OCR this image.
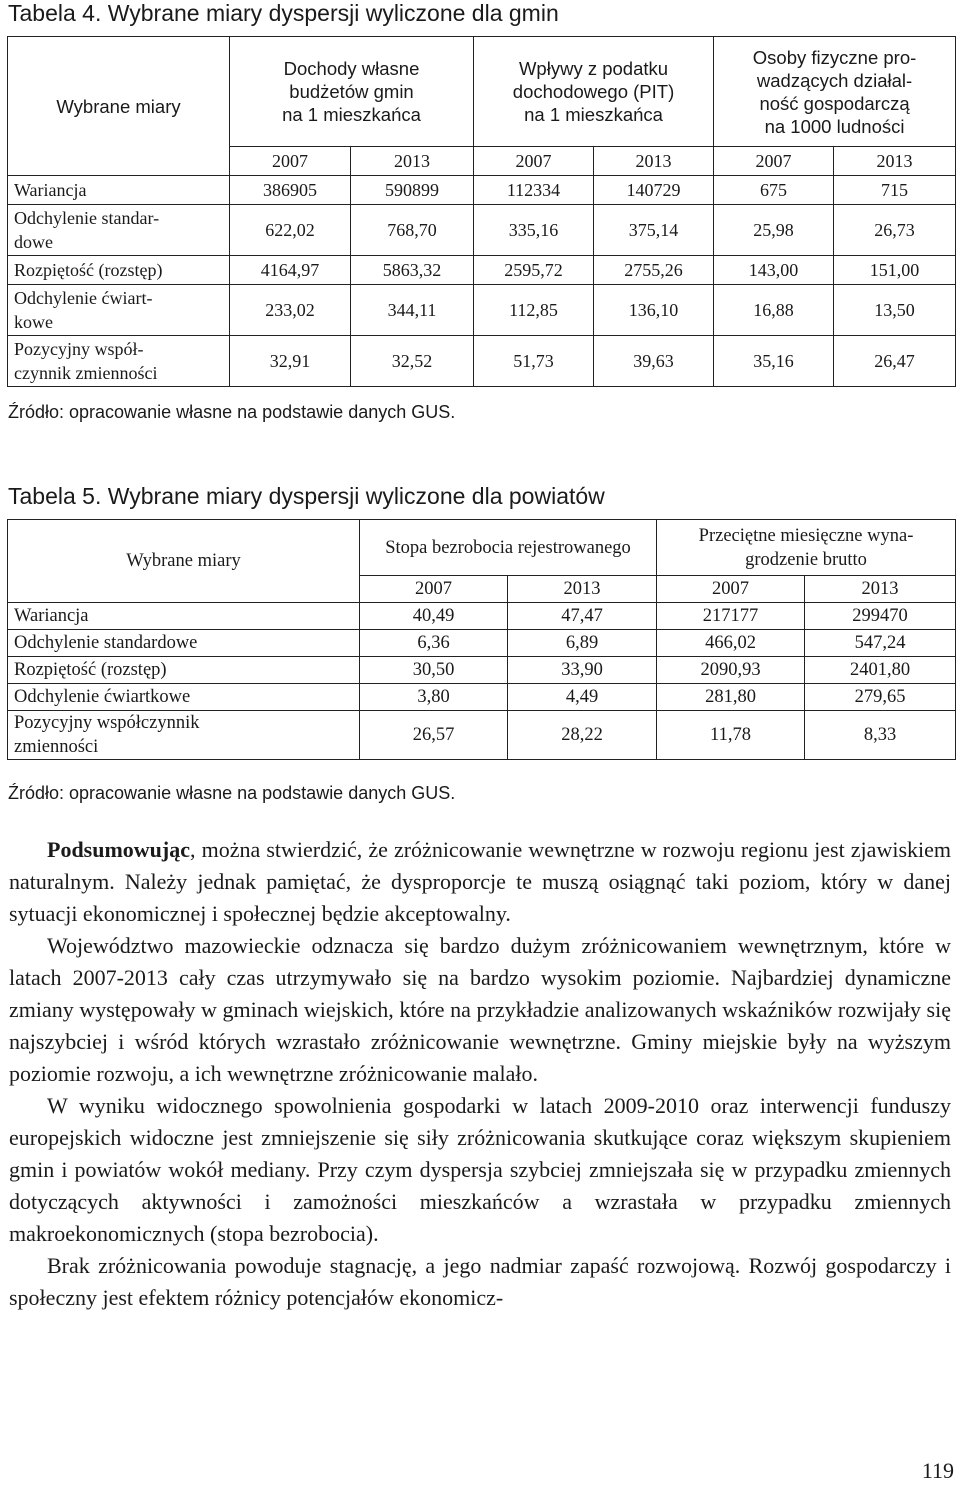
Tabela 4. Wybrane miary dyspersji wyliczone dla gmin
Wybrane miary	Dochody własne
budżetów gmin
na 1 mieszkańca		Wpływy z podatku
dochodowego (PIT)
na 1 mieszkańca		Osoby fizyczne pro-
wadzących działal-
ność gospodarczą
na 1000 ludności	
	2007	2013	2007	2013	2007	2013
Wariancja	386905	590899	112334	140729	675	715

Odchylenie standar-
dowe	622,02	768,70	335,16	375,14	25,98	26,73
Rozpiętość (rozstęp)	4164,97	5863,32	2595,72	2755,26	143,00	151,00

Odchylenie ćwiart-
kowe	233,02	344,11	112,85	136,10	16,88	13,50

Pozycyjny współ-
czynnik zmienności	32,91	32,52	51,73	39,63	35,16	26,47
Źródło: opracowanie własne na podstawie danych GUS.
Tabela 5. Wybrane miary dyspersji wyliczone dla powiatów
Wybrane miary	Stopa bezrobocia rejestrowanego		Przeciętne miesięczne wyna-
grodzenie brutto	
	2007	2013	2007	2013
Wariancja	40,49	47,47	217177	299470
Odchylenie standardowe	6,36	6,89	466,02	547,24
Rozpiętość (rozstęp)	30,50	33,90	2090,93	2401,80
Odchylenie ćwiartkowe	3,80	4,49	281,80	279,65
Pozycyjny współczynnik
zmienności	26,57	28,22	11,78	8,33
Źródło: opracowanie własne na podstawie danych GUS.

Podsumowując, można stwierdzić, że zróżnicowanie wewnętrzne w rozwoju regionu jest zjawiskiem naturalnym. Należy jednak pamiętać, że dysproporcje te muszą osiągnąć taki poziom, który w danej sytuacji ekonomicznej i społecznej będzie akceptowalny.

Województwo mazowieckie odznacza się bardzo dużym zróżnicowaniem wewnętrznym, które w latach 2007-2013 cały czas utrzymywało się na bardzo wysokim poziomie. Najbardziej dynamiczne zmiany występowały w gminach wiejskich, które na przykładzie analizowanych wskaźników rozwijały się najszybciej i wśród których wzrastało zróżnicowanie wewnętrzne. Gminy miejskie były na wyższym poziomie rozwoju, a ich wewnętrzne zróżnicowanie malało.

W wyniku widocznego spowolnienia gospodarki w latach 2009-2010 oraz interwencji funduszy europejskich widoczne jest zmniejszenie się siły zróżnicowania skutkujące coraz większym skupieniem gmin i powiatów wokół mediany. Przy czym dyspersja szybciej zmniejszała się w przypadku zmiennych dotyczących aktywności i zamożności mieszkańców a wzrastała w przypadku zmiennych makroekonomicznych (stopa bezrobocia).

Brak zróżnicowania powoduje stagnację, a jego nadmiar zapaść rozwojową. Rozwój gospodarczy i społeczny jest efektem różnicy potencjałów ekonomicz-

119
